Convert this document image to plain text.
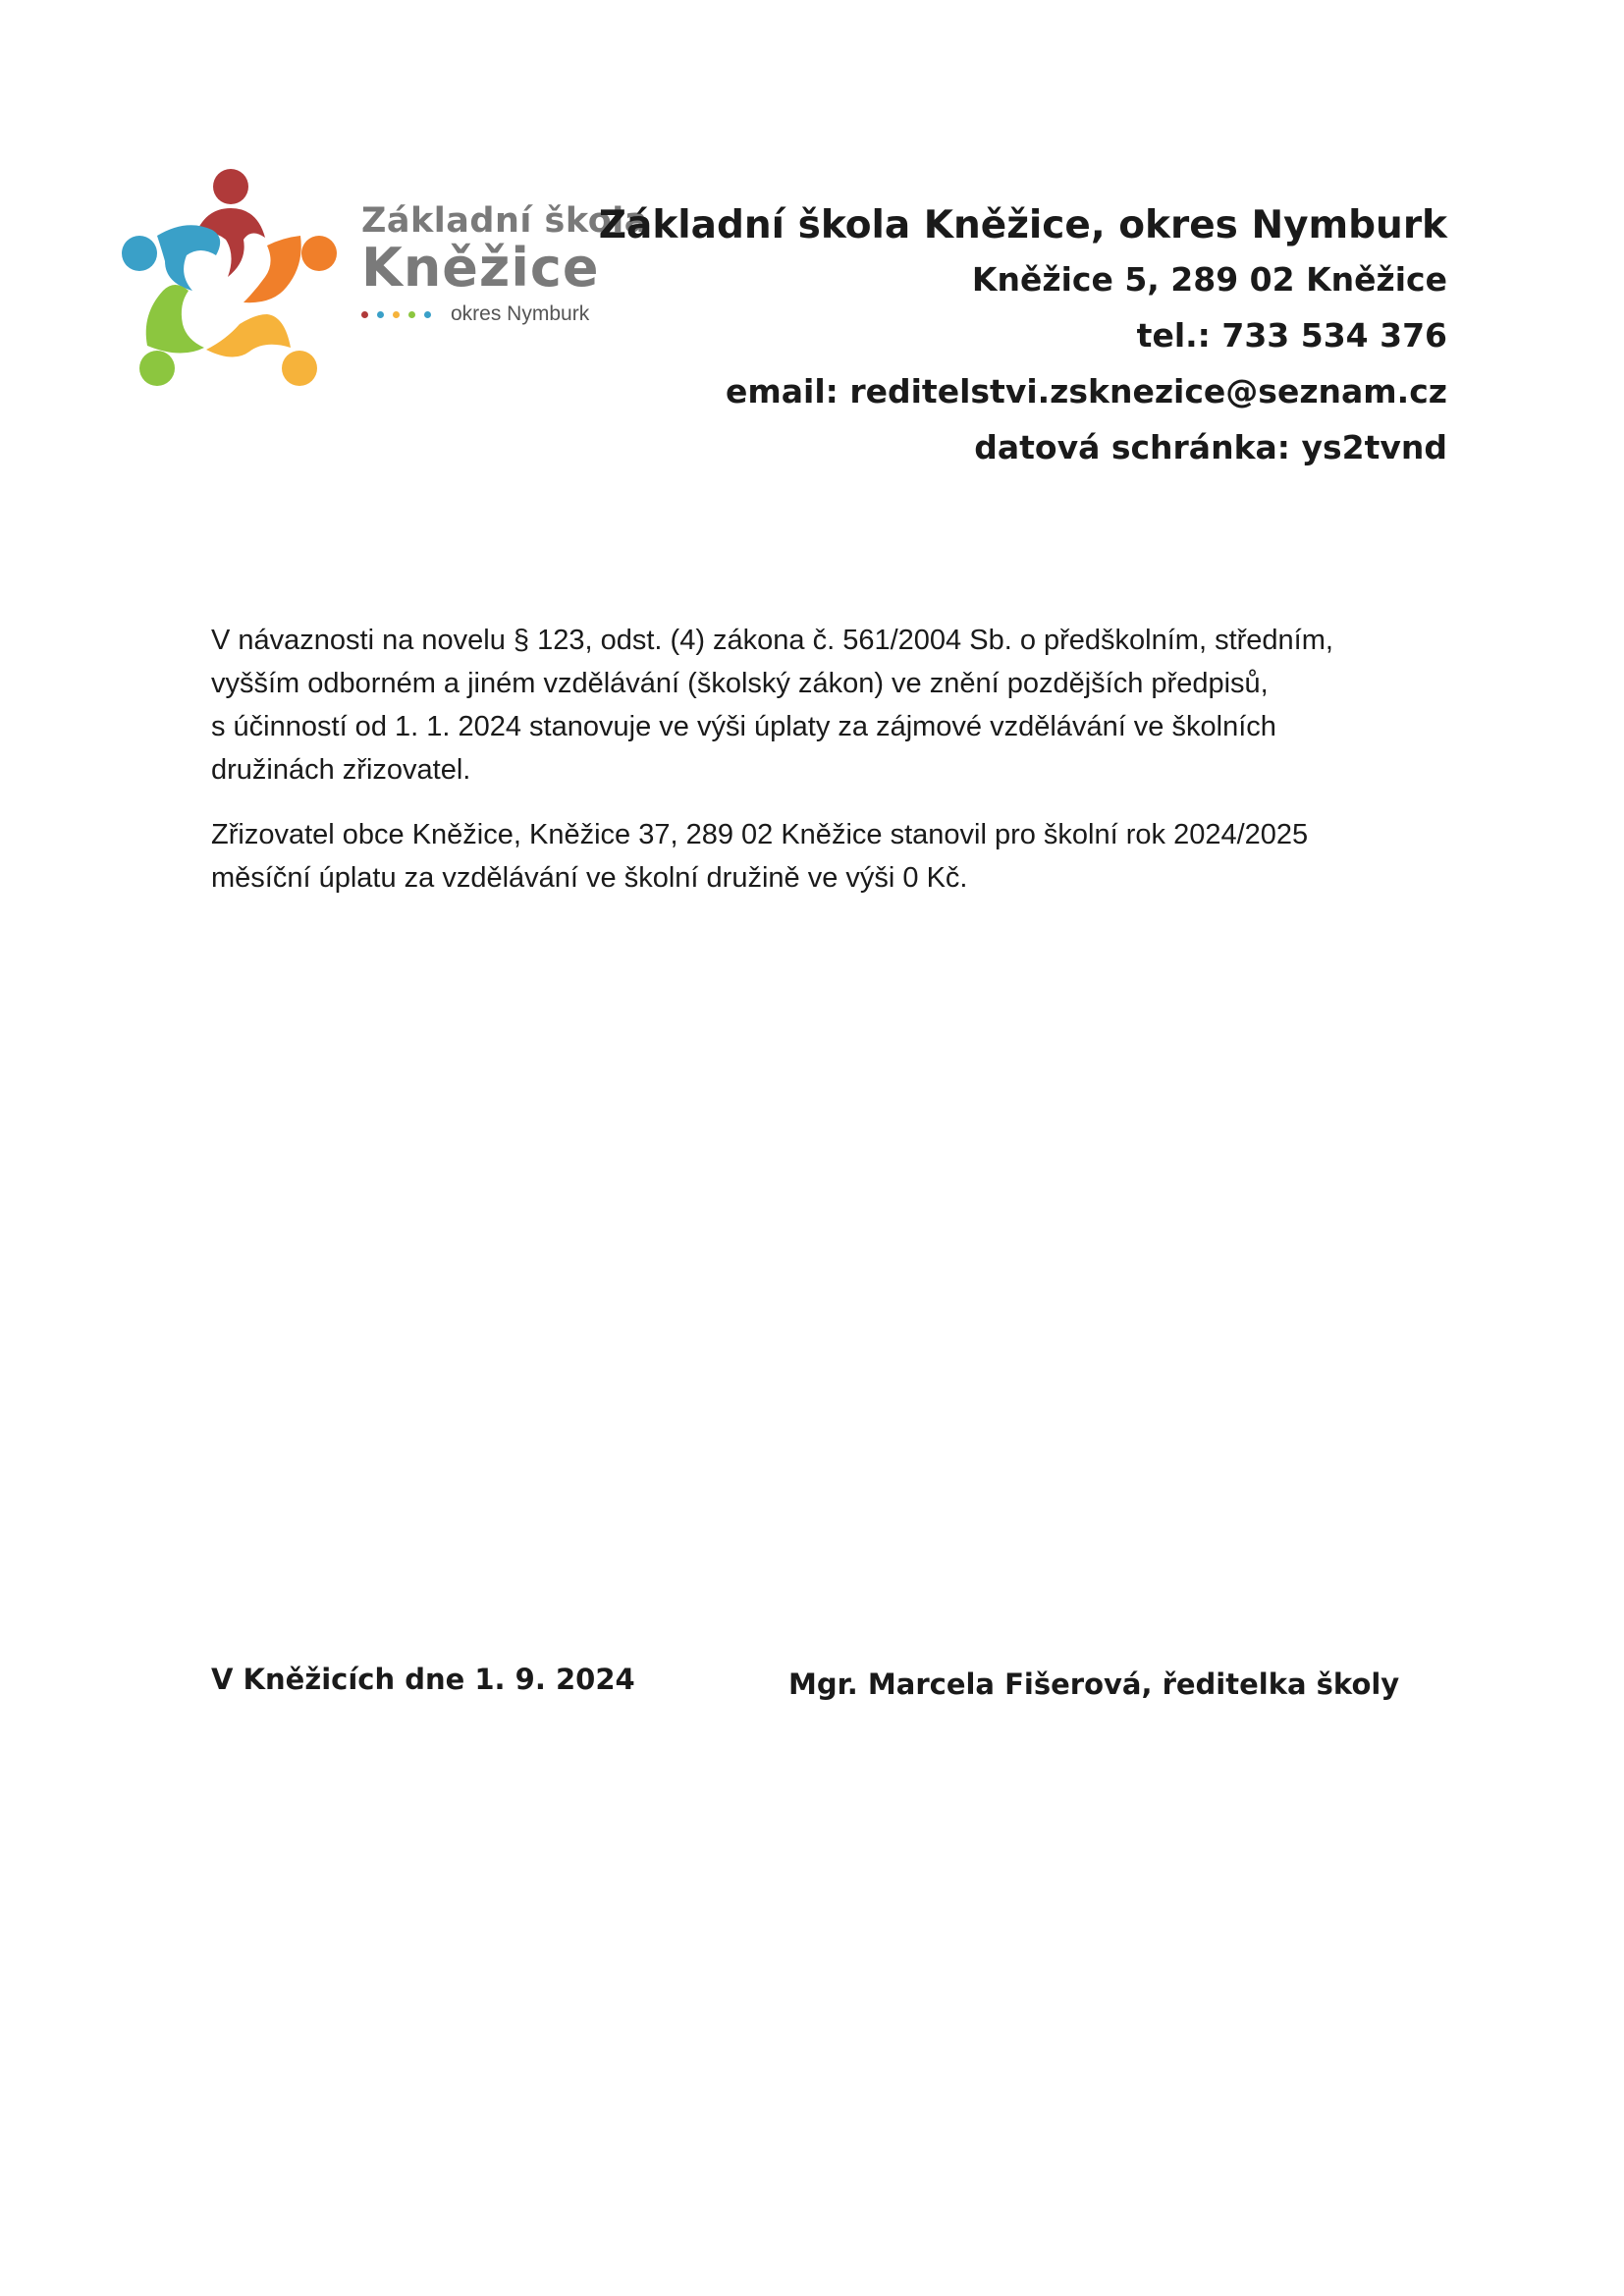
Základní škola
Kněžice
okres Nymburk
Základní škola Kněžice, okres Nymburk
Kněžice 5, 289 02 Kněžice
tel.: 733 534 376
email: reditelstvi.zsknezice@seznam.cz
datová schránka: ys2tvnd

V návaznosti na novelu § 123, odst. (4) zákona č. 561/2004 Sb. o předškolním, středním,
vyšším odborném a jiném vzdělávání (školský zákon) ve znění pozdějších předpisů,
s účinností od 1. 1. 2024 stanovuje ve výši úplaty za zájmové vzdělávání ve školních
družinách zřizovatel.

Zřizovatel obce Kněžice, Kněžice 37, 289 02 Kněžice stanovil pro školní rok 2024/2025
měsíční úplatu za vzdělávání ve školní družině ve výši 0 Kč.

V Kněžicích dne 1. 9. 2024	Mgr. Marcela Fišerová, ředitelka školy
